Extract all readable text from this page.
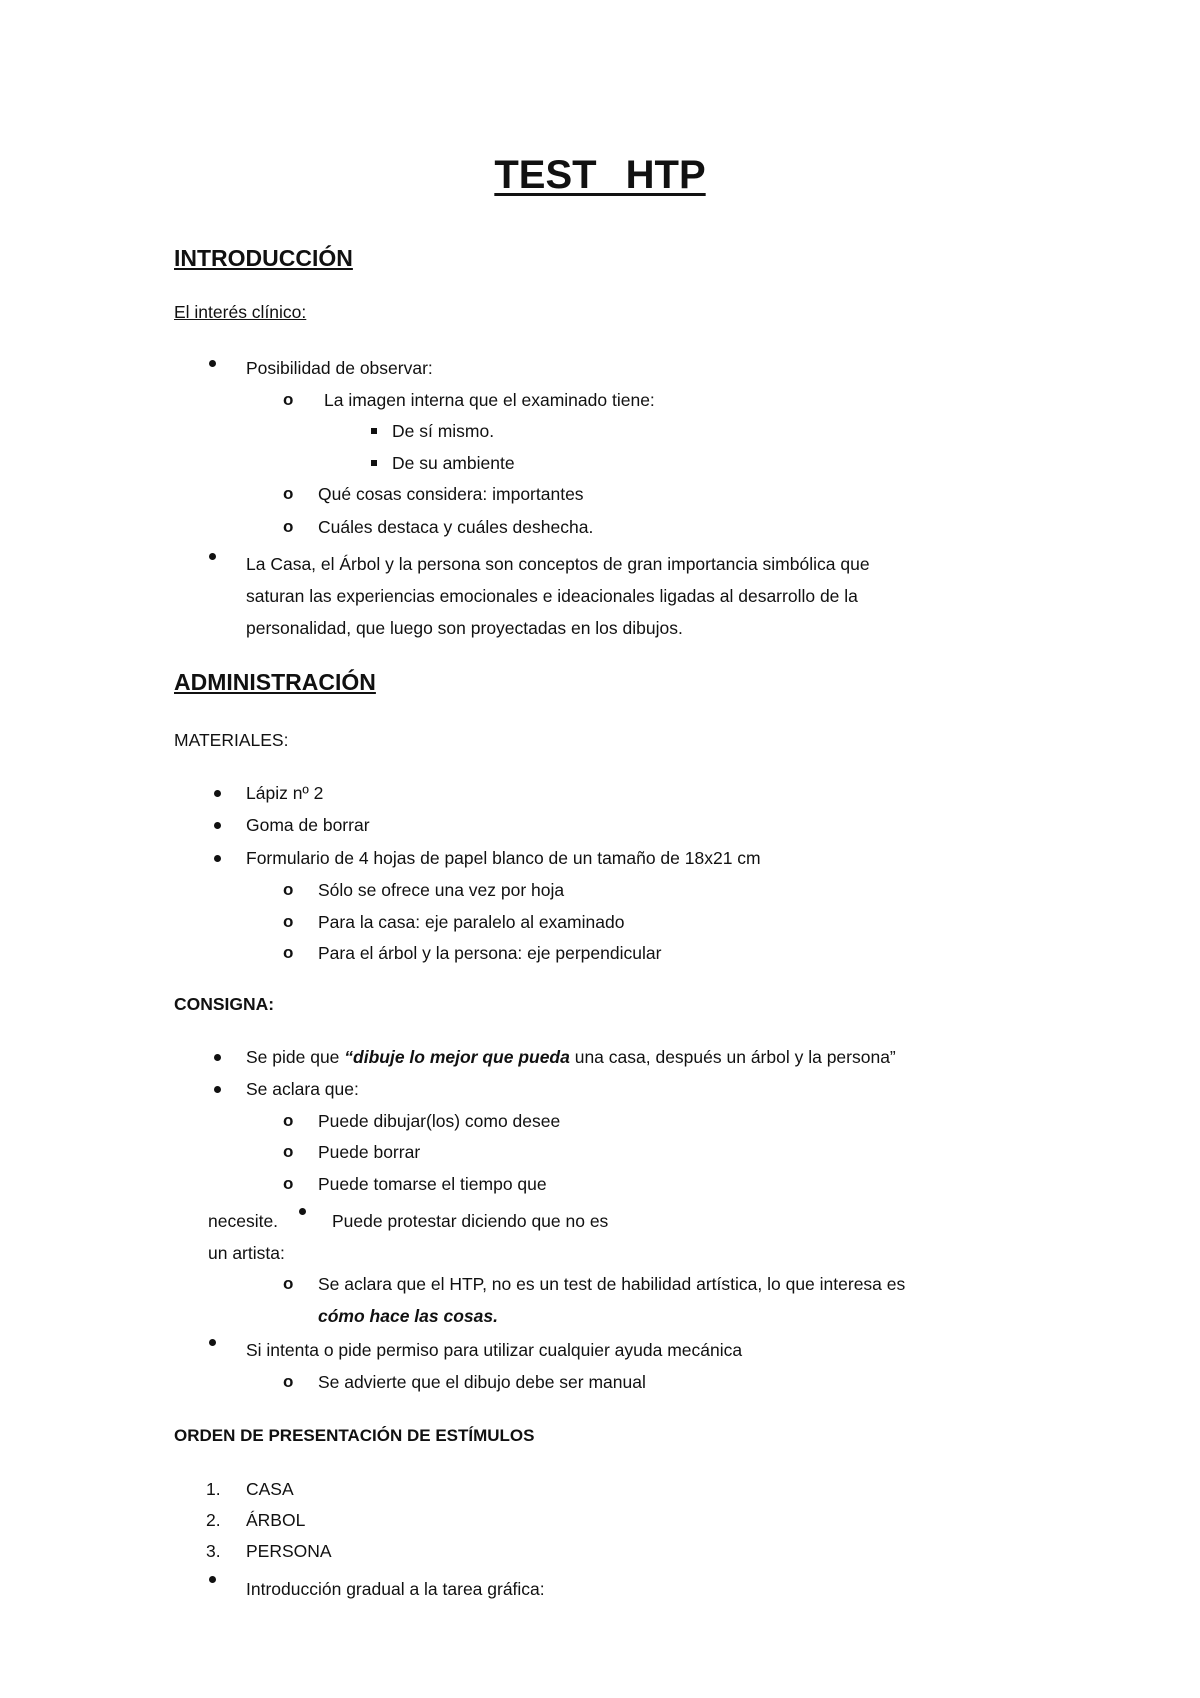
TEST HTP
INTRODUCCIÓN
El interés clínico:
Posibilidad de observar:
o La imagen interna que el examinado tiene:
De sí mismo.
De su ambiente
o Qué cosas considera: importantes
o Cuáles destaca y cuáles deshecha.
La Casa, el Árbol y la persona son conceptos de gran importancia simbólica que
saturan las experiencias emocionales e ideacionales ligadas al desarrollo de la
personalidad, que luego son proyectadas en los dibujos.
ADMINISTRACIÓN
MATERIALES:
Lápiz nº 2
Goma de borrar
Formulario de 4 hojas de papel blanco de un tamaño de 18x21 cm
o Sólo se ofrece una vez por hoja
o Para la casa: eje paralelo al examinado
o Para el árbol y la persona: eje perpendicular
CONSIGNA:
Se pide que “dibuje lo mejor que pueda una casa, después un árbol y la persona”
Se aclara que:
o Puede dibujar(los) como desee
o Puede borrar
o Puede tomarse el tiempo que
necesite.	Puede protestar diciendo que no es
un artista:
o Se aclara que el HTP, no es un test de habilidad artística, lo que interesa es
cómo hace las cosas.
Si intenta o pide permiso para utilizar cualquier ayuda mecánica
o Se advierte que el dibujo debe ser manual
ORDEN DE PRESENTACIÓN DE ESTÍMULOS
1. CASA
2. ÁRBOL
3. PERSONA
Introducción gradual a la tarea gráfica:
